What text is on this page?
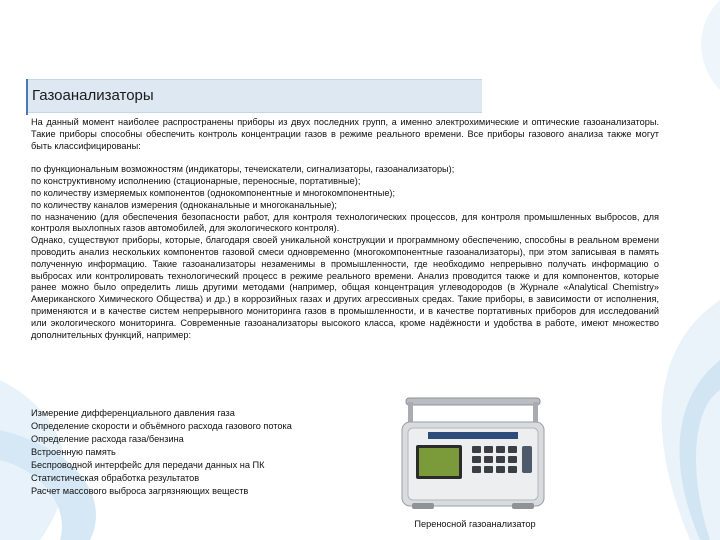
Газоанализаторы

На данный момент наиболее распространены приборы из двух последних групп, а именно электрохимические и оптические газоанализаторы. Такие приборы способны обеспечить контроль концентрации газов в режиме реального времени. Все приборы газового анализа также могут быть классифицированы:

по функциональным возможностям (индикаторы, течеискатели, сигнализаторы, газоанализаторы);

по конструктивному исполнению (стационарные, переносные, портативные);

по количеству измеряемых компонентов (однокомпонентные и многокомпонентные);

по количеству каналов измерения (одноканальные и многоканальные);

по назначению (для обеспечения безопасности работ, для контроля технологических процессов, для контроля промышленных выбросов, для контроля выхлопных газов автомобилей, для экологического контроля).

Однако, существуют приборы, которые, благодаря своей уникальной конструкции и программному обеспечению, способны в реальном времени проводить анализ нескольких компонентов газовой смеси одновременно (многокомпонентные газоанализаторы), при этом записывая в память полученную информацию. Такие газоанализаторы незаменимы в промышленности, где необходимо непрерывно получать информацию о выбросах или контролировать технологический процесс в режиме реального времени. Анализ проводится также и для компонентов, которые ранее можно было определить лишь другими методами (например, общая концентрация углеводородов (в Журнале «Analytical Chemistry» Американского Химического Общества) и др.) в коррозийных газах и других агрессивных средах. Такие приборы, в зависимости от исполнения, применяются и в качестве систем непрерывного мониторинга газов в промышленности, и в качестве портативных приборов для исследований или экологического мониторинга. Современные газоанализаторы высокого класса, кроме надёжности и удобства в работе, имеют множество дополнительных функций, например:

Измерение дифференциального давления газа
Определение скорости и объёмного расхода газового потока
Определение расхода газа/бензина
Встроенную память
Беспроводной интерфейс для передачи данных на ПК
Статистическая обработка результатов
Расчет массового выброса загрязняющих веществ
Переносной газоанализатор
